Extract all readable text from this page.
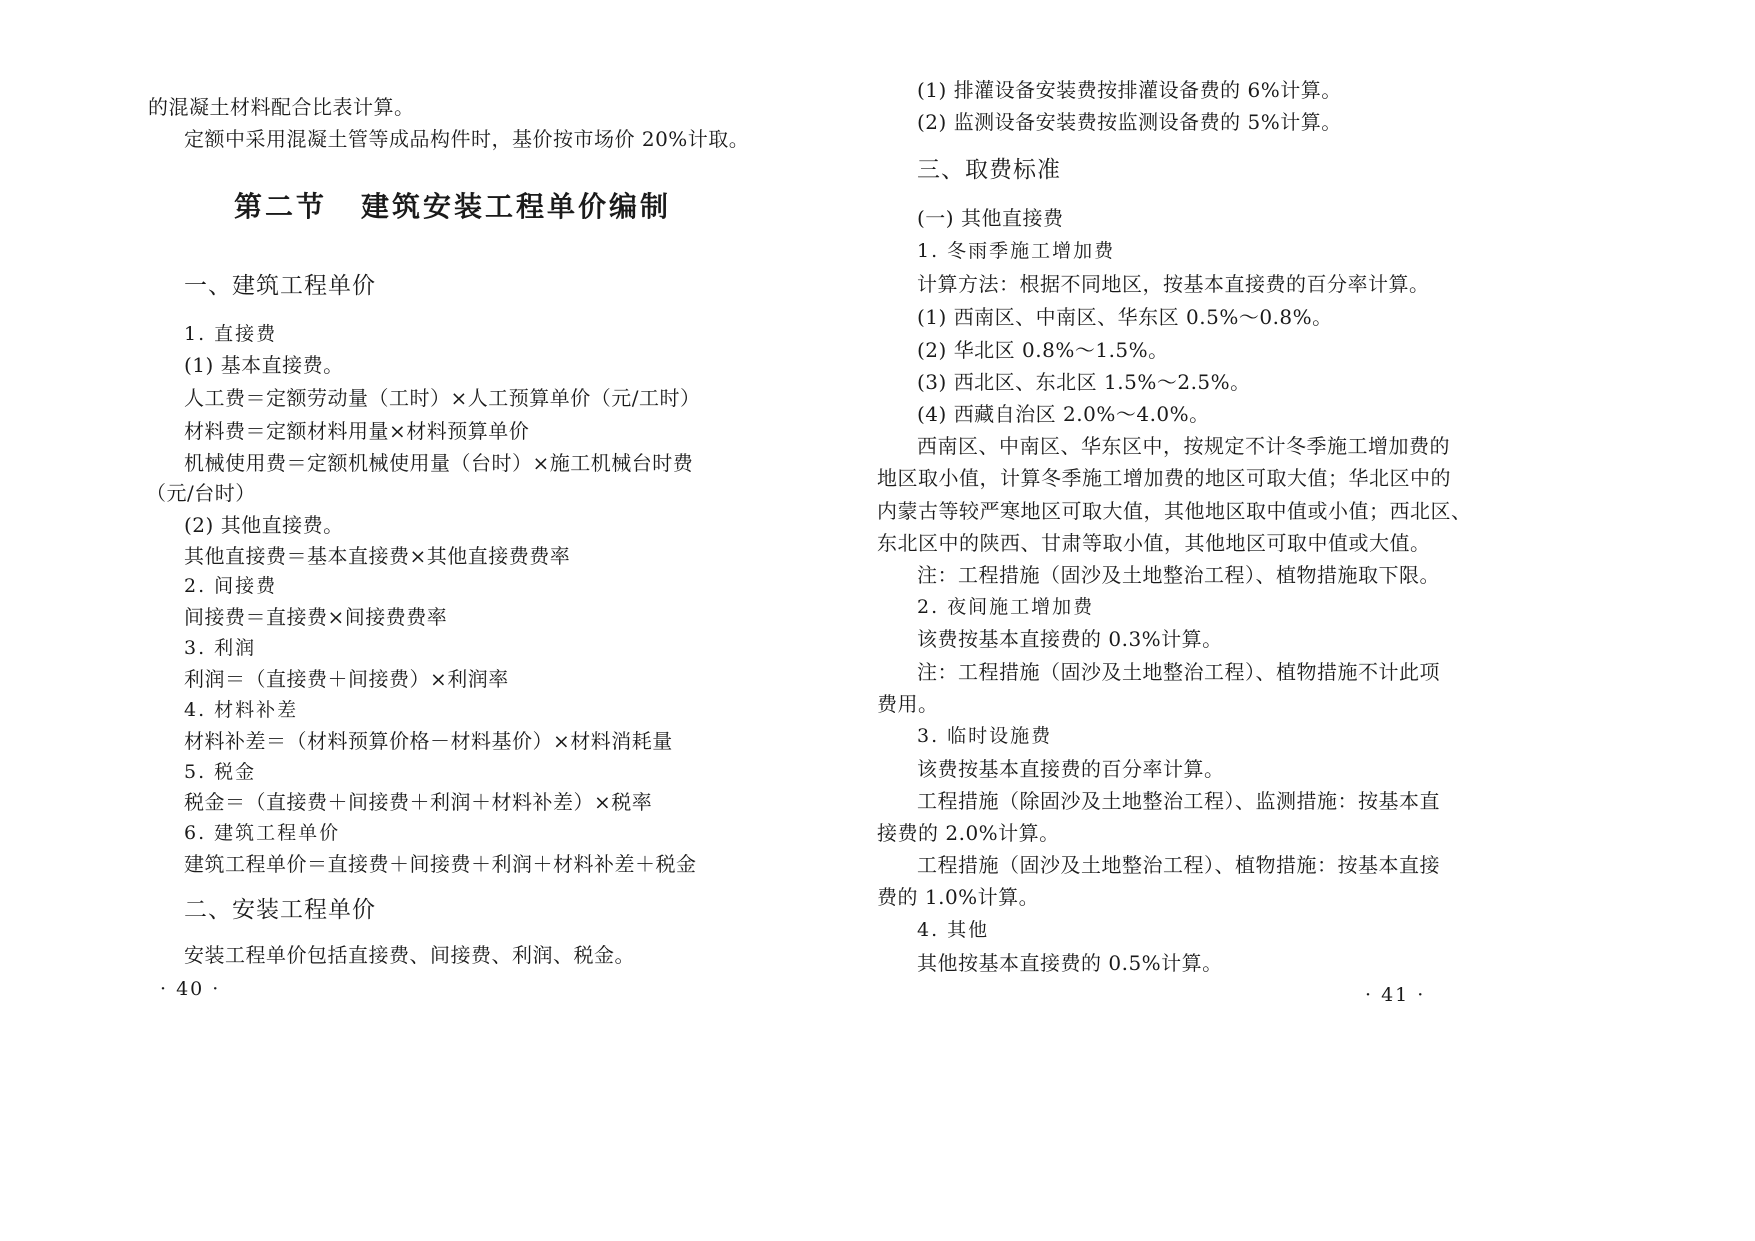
的混凝土材料配合比表计算。
定额中采用混凝土管等成品构件时，基价按市场价 20%计取。
第二节 建筑安装工程单价编制
一、建筑工程单价
1. 直接费
(1) 基本直接费。
人工费＝定额劳动量（工时）×人工预算单价（元/工时）
材料费＝定额材料用量×材料预算单价
机械使用费＝定额机械使用量（台时）×施工机械台时费
（元/台时）
(2) 其他直接费。
其他直接费＝基本直接费×其他直接费费率
2. 间接费
间接费＝直接费×间接费费率
3. 利润
利润＝（直接费＋间接费）×利润率
4. 材料补差
材料补差＝（材料预算价格－材料基价）×材料消耗量
5. 税金
税金＝（直接费＋间接费＋利润＋材料补差）×税率
6. 建筑工程单价
建筑工程单价＝直接费＋间接费＋利润＋材料补差＋税金
二、安装工程单价
安装工程单价包括直接费、间接费、利润、税金。
· 40 ·
(1) 排灌设备安装费按排灌设备费的 6%计算。
(2) 监测设备安装费按监测设备费的 5%计算。
三、取费标准
(一) 其他直接费
1. 冬雨季施工增加费
计算方法：根据不同地区，按基本直接费的百分率计算。
(1) 西南区、中南区、华东区 0.5%～0.8%。
(2) 华北区 0.8%～1.5%。
(3) 西北区、东北区 1.5%～2.5%。
(4) 西藏自治区 2.0%～4.0%。
西南区、中南区、华东区中，按规定不计冬季施工增加费的
地区取小值，计算冬季施工增加费的地区可取大值；华北区中的
内蒙古等较严寒地区可取大值，其他地区取中值或小值；西北区、
东北区中的陕西、甘肃等取小值，其他地区可取中值或大值。
注：工程措施（固沙及土地整治工程）、植物措施取下限。
2. 夜间施工增加费
该费按基本直接费的 0.3%计算。
注：工程措施（固沙及土地整治工程）、植物措施不计此项
费用。
3. 临时设施费
该费按基本直接费的百分率计算。
工程措施（除固沙及土地整治工程）、监测措施：按基本直
接费的 2.0%计算。
工程措施（固沙及土地整治工程）、植物措施：按基本直接
费的 1.0%计算。
4. 其他
其他按基本直接费的 0.5%计算。
· 41 ·
